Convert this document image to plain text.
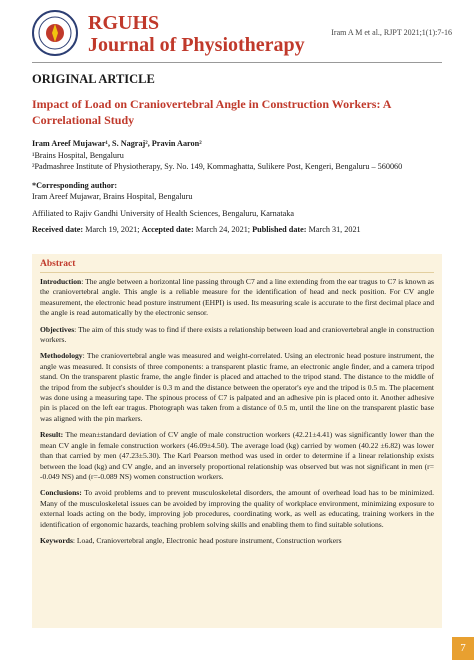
RGUHS
Journal of Physiotherapy
Iram A M et al., RJPT 2021;1(1):7-16
ORIGINAL ARTICLE
Impact of Load on Craniovertebral Angle in Construction Workers: A Correlational Study
Iram Areef Mujawar¹, S. Nagraj², Pravin Aaron²
¹Brains Hospital, Bengaluru
²Padmashree Institute of Physiotherapy, Sy. No. 149, Kommaghatta, Sulikere Post, Kengeri, Bengaluru – 560060
*Corresponding author:
Iram Areef Mujawar, Brains Hospital, Bengaluru
Affiliated to Rajiv Gandhi University of Health Sciences, Bengaluru, Karnataka
Received date: March 19, 2021; Accepted date: March 24, 2021; Published date: March 31, 2021
Abstract

Introduction: The angle between a horizontal line passing through C7 and a line extending from the ear tragus to C7 is known as the craniovertebral angle. This angle is a reliable measure for the identification of head and neck position. For CV angle measurement, the electronic head posture instrument (EHPI) is used. Its measuring scale is accurate to the first decimal place and the angle is read automatically by the electronic sensor.

Objectives: The aim of this study was to find if there exists a relationship between load and craniovertebral angle in construction workers.

Methodology: The craniovertebral angle was measured and weight-correlated. Using an electronic head posture instrument, the angle was measured. It consists of three components: a transparent plastic frame, an electronic angle finder, and a camera tripod stand. On the transparent plastic frame, the angle finder is placed and attached to the tripod stand. The distance to the middle of the tripod from the subject's shoulder is 0.3 m and the distance between the operator's eye and the tripod is 0.5 m. The placement was done using a measuring tape. The spinous process of C7 is palpated and an adhesive pin is placed onto it. Another adhesive pin is placed on the left ear tragus. Photograph was taken from a distance of 0.5 m, until the line on the transparent plastic base was aligned with the pin markers.

Result: The mean±standard deviation of CV angle of male construction workers (42.21±4.41) was significantly lower than the mean CV angle in female construction workers (46.09±4.50). The average load (kg) carried by women (40.22 ±6.82) was lower than that carried by men (47.23±5.30). The Karl Pearson method was used in order to determine if a linear relationship exists between the load (kg) and CV angle, and an inversely proportional relationship was observed but was not significant in men (r= -0.049 NS) and (r=-0.089 NS) women construction workers.

Conclusions: To avoid problems and to prevent musculoskeletal disorders, the amount of overhead load has to be minimized. Many of the musculoskeletal issues can be avoided by improving the quality of workplace environment, minimizing exposure to external loads acting on the body, improving job procedures, coordinating work, as well as educating, training workers in the identification of ergonomic hazards, teaching problem solving skills and enabling them to find suitable solutions.

Keywords: Load, Craniovertebral angle, Electronic head posture instrument, Construction workers

7
